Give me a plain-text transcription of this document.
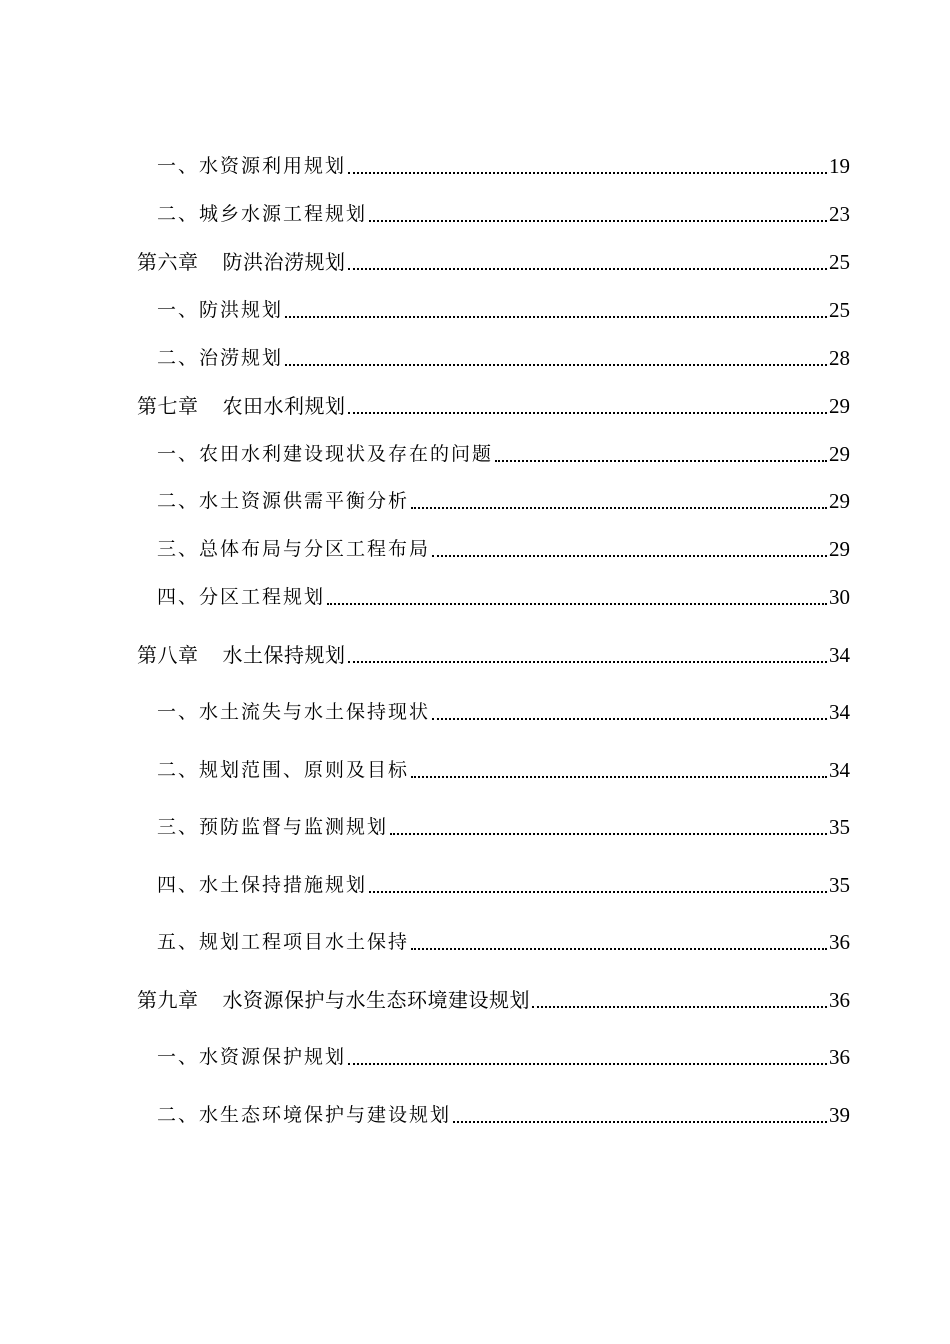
一、水资源利用规划	19
二、城乡水源工程规划	23
第六章 防洪治涝规划	25
一、防洪规划	25
二、治涝规划	28
第七章 农田水利规划	29
一、农田水利建设现状及存在的问题	29
二、水土资源供需平衡分析	29
三、总体布局与分区工程布局	29
四、分区工程规划	30
第八章 水土保持规划	34
一、水土流失与水土保持现状	34
二、规划范围、原则及目标	34
三、预防监督与监测规划	35
四、水土保持措施规划	35
五、规划工程项目水土保持	36
第九章 水资源保护与水生态环境建设规划	36
一、水资源保护规划	36
二、水生态环境保护与建设规划	39
